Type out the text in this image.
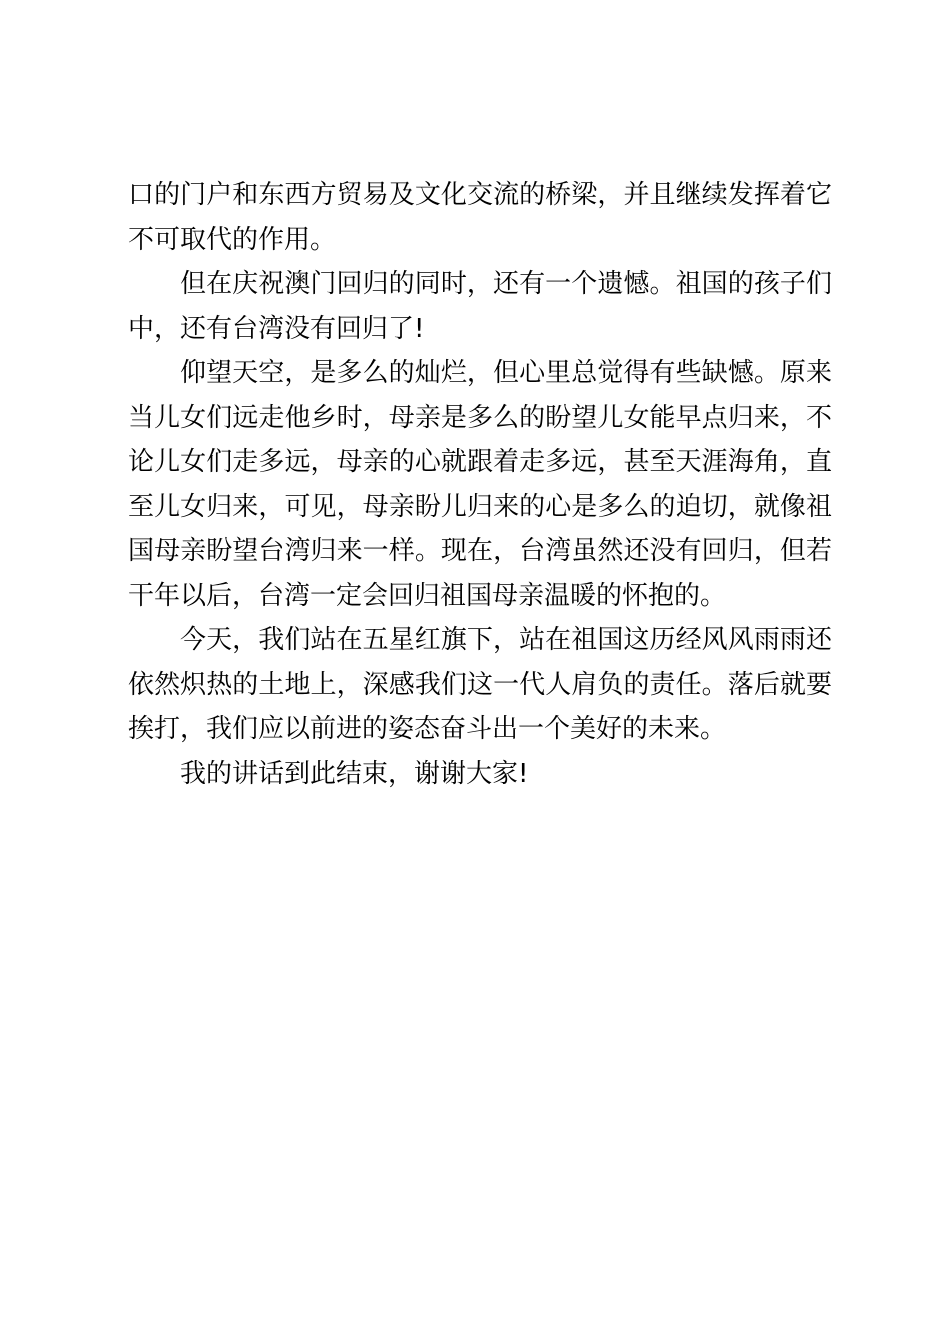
口的门户和东西方贸易及文化交流的桥梁，并且继续发挥着它不可取代的作用。

但在庆祝澳门回归的同时，还有一个遗憾。祖国的孩子们中，还有台湾没有回归了!

仰望天空，是多么的灿烂，但心里总觉得有些缺憾。原来当儿女们远走他乡时，母亲是多么的盼望儿女能早点归来，不论儿女们走多远，母亲的心就跟着走多远，甚至天涯海角，直至儿女归来，可见，母亲盼儿归来的心是多么的迫切，就像祖国母亲盼望台湾归来一样。现在，台湾虽然还没有回归，但若干年以后，台湾一定会回归祖国母亲温暖的怀抱的。

今天，我们站在五星红旗下，站在祖国这历经风风雨雨还依然炽热的土地上，深感我们这一代人肩负的责任。落后就要挨打，我们应以前进的姿态奋斗出一个美好的未来。

我的讲话到此结束，谢谢大家!
